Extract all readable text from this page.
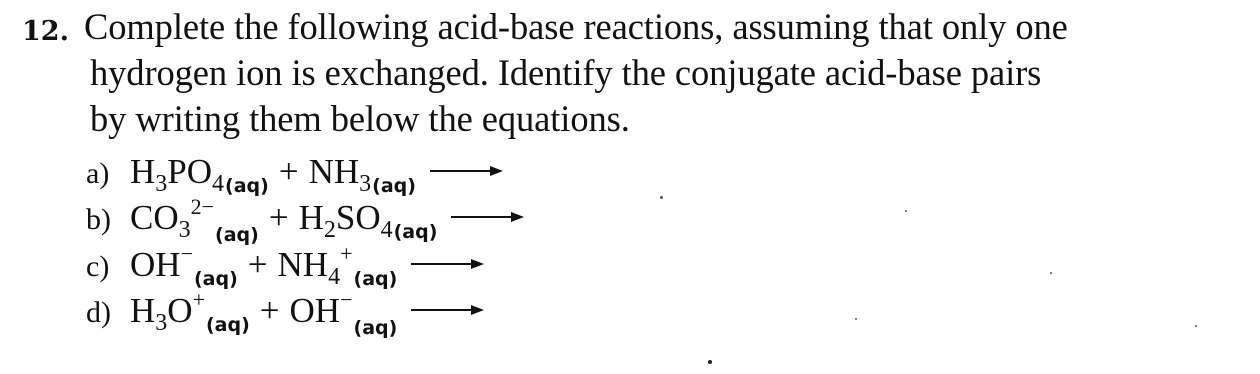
12. Complete the following acid-base reactions, assuming that only one
hydrogen ion is exchanged. Identify the conjugate acid-base pairs
by writing them below the equations.
a) $H_3PO_{4(aq)} + NH_{3(aq)}$
b) $CO_3^{2-}_{(aq)} + H_2SO_{4(aq)}$
c) $OH^-_{(aq)} + NH_4^+_{(aq)}$
d) $H_3O^+_{(aq)} + OH^-_{(aq)}$
